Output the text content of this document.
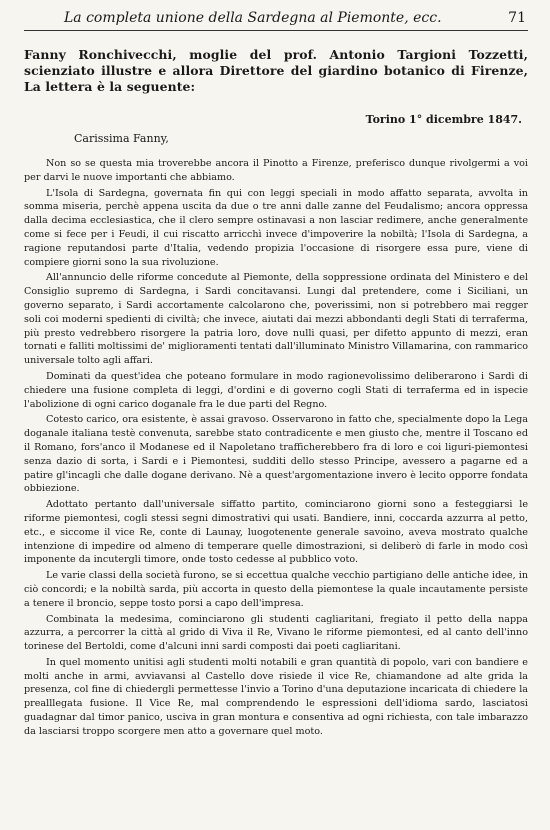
La completa unione della Sardegna al Piemonte, ecc.	71
Fanny Ronchivecchi, moglie del prof. Antonio Targioni Tozzetti, scienziato illustre e allora Direttore del giardino botanico di Firenze, La lettera è la seguente:
Torino 1° dicembre 1847.
Carissima Fanny,

Non so se questa mia troverebbe ancora il Pinotto a Firenze, preferisco dunque rivolgermi a voi per darvi le nuove importanti che abbiamo.

L'Isola di Sardegna, governata fin qui con leggi speciali in modo affatto separata, avvolta in somma miseria, perchè appena uscita da due o tre anni dalle zanne del Feudalismo; ancora oppressa dalla decima ecclesiastica, che il clero sempre ostinavasi a non lasciar redimere, anche generalmente come si fece per i Feudi, il cui riscatto arricchì invece d'impoverire la nobiltà; l'Isola di Sardegna, a ragione reputandosi parte d'Italia, vedendo propizia l'occasione di risorgere essa pure, viene di compiere giorni sono la sua rivoluzione.

All'annuncio delle riforme concedute al Piemonte, della soppressione ordinata del Ministero e del Consiglio supremo di Sardegna, i Sardi concitavansi. Lungi dal pretendere, come i Siciliani, un governo separato, i Sardi accortamente calcolarono che, poverissimi, non si potrebbero mai regger soli coi moderni spedienti di civiltà; che invece, aiutati dai mezzi abbondanti degli Stati di terraferma, più presto vedrebbero risorgere la patria loro, dove nulli quasi, per difetto appunto di mezzi, eran tornati e falliti moltissimi de' miglioramenti tentati dall'illuminato Ministro Villamarina, con rammarico universale tolto agli affari.

Dominati da quest'idea che poteano formulare in modo ragionevolissimo deliberarono i Sardi di chiedere una fusione completa di leggi, d'ordini e di governo cogli Stati di terraferma ed in ispecie l'abolizione di ogni carico doganale fra le due parti del Regno.

Cotesto carico, ora esistente, è assai gravoso. Osservarono in fatto che, specialmente dopo la Lega doganale italiana testè convenuta, sarebbe stato contradicente e men giusto che, mentre il Toscano ed il Romano, fors'anco il Modanese ed il Napoletano trafficherebbero fra di loro e coi liguri-piemontesi senza dazio di sorta, i Sardi e i Piemontesi, sudditi dello stesso Principe, avessero a pagarne ed a patire gl'incagli che dalle dogane derivano. Nè a quest'argomentazione invero è lecito opporre fondata obbiezione.

Adottato pertanto dall'universale siffatto partito, cominciarono giorni sono a festeggiarsi le riforme piemontesi, cogli stessi segni dimostrativi qui usati. Bandiere, inni, coccarda azzurra al petto, etc., e siccome il vice Re, conte di Launay, luogotenente generale savoino, aveva mostrato qualche intenzione di impedire od almeno di temperare quelle dimostrazioni, si deliberò di farle in modo così imponente da incutergli timore, onde tosto cedesse al pubblico voto.

Le varie classi della società furono, se si eccettua qualche vecchio partigiano delle antiche idee, in ciò concordi; e la nobiltà sarda, più accorta in questo della piemontese la quale incautamente persiste a tenere il broncio, seppe tosto porsi a capo dell'impresa.

Combinata la medesima, cominciarono gli studenti cagliaritani, fregiato il petto della nappa azzurra, a percorrer la città al grido di Viva il Re, Vivano le riforme piemontesi, ed al canto dell'inno torinese del Bertoldi, come d'alcuni inni sardi composti dai poeti cagliaritani.

In quel momento unitisi agli studenti molti notabili e gran quantità di popolo, vari con bandiere e molti anche in armi, avviavansi al Castello dove risiede il vice Re, chiamandone ad alte grida la presenza, col fine di chiedergli permettesse l'invio a Torino d'una deputazione incaricata di chiedere la prealllegata fusione. Il Vice Re, mal comprendendo le espressioni dell'idioma sardo, lasciatosi guadagnar dal timor panico, usciva in gran montura e consentiva ad ogni richiesta, con tale imbarazzo da lasciarsi troppo scorgere men atto a governare quel moto.
